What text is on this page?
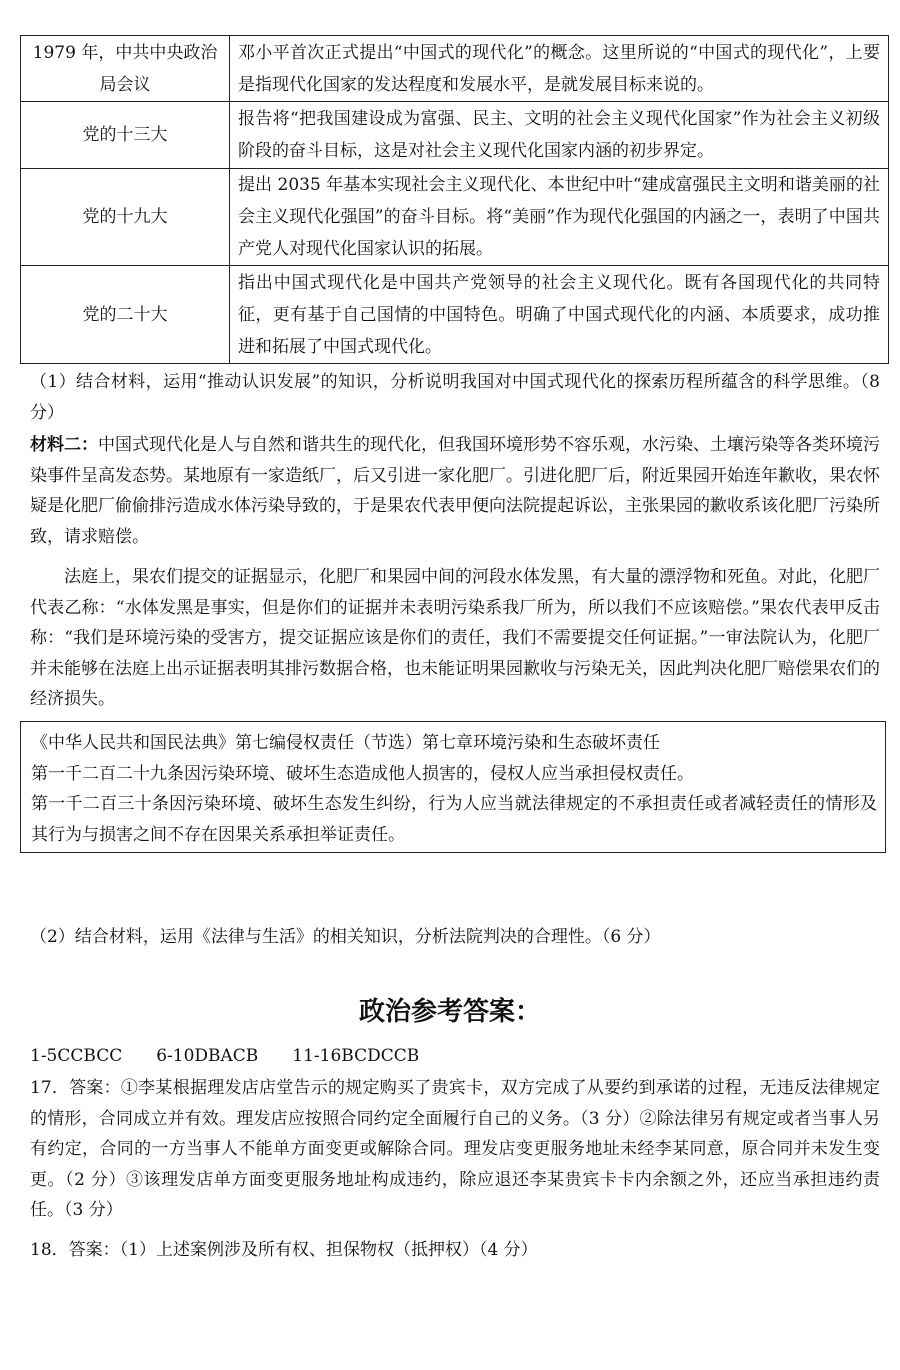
1979 年，中共中央政治局会议	邓小平首次正式提出“中国式的现代化”的概念。这里所说的“中国式的现代化”，上要是指现代化国家的发达程度和发展水平，是就发展目标来说的。
党的十三大	报告将“把我国建设成为富强、民主、文明的社会主义现代化国家”作为社会主义初级阶段的奋斗目标，这是对社会主义现代化国家内涵的初步界定。
党的十九大	提出 2035 年基本实现社会主义现代化、本世纪中叶“建成富强民主文明和谐美丽的社会主义现代化强国”的奋斗目标。将“美丽”作为现代化强国的内涵之一，表明了中国共产党人对现代化国家认识的拓展。
党的二十大	指出中国式现代化是中国共产党领导的社会主义现代化。既有各国现代化的共同特征，更有基于自己国情的中国特色。明确了中国式现代化的内涵、本质要求，成功推进和拓展了中国式现代化。
（1）结合材料，运用“推动认识发展”的知识，分析说明我国对中国式现代化的探索历程所蕴含的科学思维。（8 分）
材料二：中国式现代化是人与自然和谐共生的现代化，但我国环境形势不容乐观，水污染、土壤污染等各类环境污染事件呈高发态势。某地原有一家造纸厂，后又引进一家化肥厂。引进化肥厂后，附近果园开始连年歉收，果农怀疑是化肥厂偷偷排污造成水体污染导致的，于是果农代表甲便向法院提起诉讼，主张果园的歉收系该化肥厂污染所致，请求赔偿。
法庭上，果农们提交的证据显示，化肥厂和果园中间的河段水体发黑，有大量的漂浮物和死鱼。对此，化肥厂代表乙称：“水体发黑是事实，但是你们的证据并未表明污染系我厂所为，所以我们不应该赔偿。”果农代表甲反击称：“我们是环境污染的受害方，提交证据应该是你们的责任，我们不需要提交任何证据。”一审法院认为，化肥厂并未能够在法庭上出示证据表明其排污数据合格，也未能证明果园歉收与污染无关，因此判决化肥厂赔偿果农们的经济损失。
《中华人民共和国民法典》第七编侵权责任（节选）第七章环境污染和生态破坏责任
第一千二百二十九条因污染环境、破坏生态造成他人损害的，侵权人应当承担侵权责任。
第一千二百三十条因污染环境、破坏生态发生纠纷，行为人应当就法律规定的不承担责任或者减轻责任的情形及其行为与损害之间不存在因果关系承担举证责任。
（2）结合材料，运用《法律与生活》的相关知识，分析法院判决的合理性。（6 分）
政治参考答案：
1-5CCBCC　　6-10DBACB　　11-16BCDCCB
17．答案：①李某根据理发店店堂告示的规定购买了贵宾卡，双方完成了从要约到承诺的过程，无违反法律规定的情形，合同成立并有效。理发店应按照合同约定全面履行自己的义务。（3 分）②除法律另有规定或者当事人另有约定，合同的一方当事人不能单方面变更或解除合同。理发店变更服务地址未经李某同意，原合同并未发生变更。（2 分）③该理发店单方面变更服务地址构成违约，除应退还李某贵宾卡卡内余额之外，还应当承担违约责任。（3 分）
18．答案：（1）上述案例涉及所有权、担保物权（抵押权）（4 分）
